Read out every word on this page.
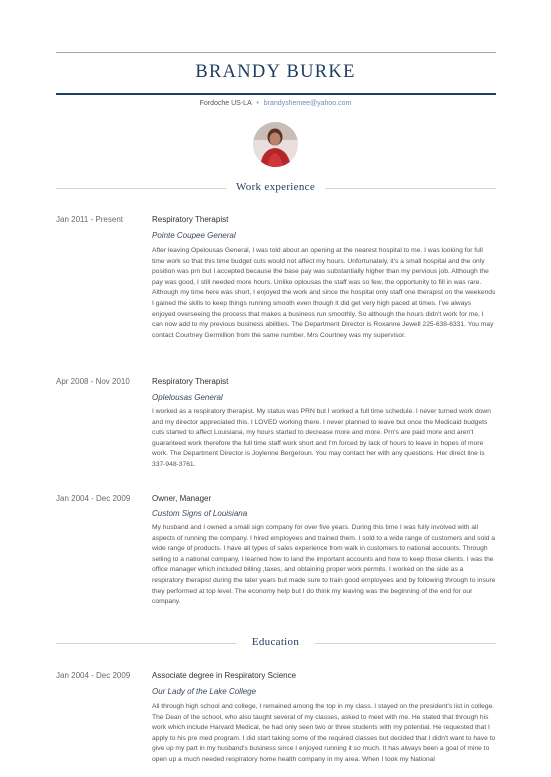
BRANDY BURKE
Fordoche US-LA • brandyshemee@yahoo.com
Work experience
Jan 2011 - Present	Respiratory Therapist
Pointe Coupee General

After leaving Opelousas General, I was told about an opening at the nearest hospital to me. I was looking for full time work so that this time budget cuts would not affect my hours. Unfortunately, it's a small hospital and the only position was prn but I accepted because the base pay was substantially higher than my pervious job. Although the pay was good, I still needed more hours. Unlike oplousas the staff was so few, the opportunity to fill in was rare. Although my time here was short, I enjoyed the work and since the hospital only staff one therapist on the weekends I gained the skills to keep things running smooth even though it did get very high paced at times. I've always enjoyed overseeing the process that makes a business run smoothly. So although the hours didn't work for me, I can now add to my previous business abilities. The Department Director is Roxanne Jewell 225-638-6331. You may contact Courtney Germillion from the same number. Mrs Courtney was my supervisor.

Apr 2008 - Nov 2010	Respiratory Therapist
Oplelousas General

I worked as a respiratory therapist. My status was PRN but I worked a full time schedule. I never turned work down and my director appreciated this. I LOVED working there. I never planned to leave but once the Medicaid budgets cuts started to affect Louisiana, my hours started to decrease more and more. Prn's are paid more and aren't guaranteed work therefore the full time staff work short and I'm forced by lack of hours to leave in hopes of more work. The Department Director is Joylenne Bergeroun. You may contact her with any questions. Her direct line is 337-948-3761.

Jan 2004 - Dec 2009	Owner, Manager
Custom Signs of Louisiana

My husband and I owned a small sign company for over five years. During this time I was fully involved with all aspects of running the company. I hired employees and trained them. I sold to a wide range of customers and sold a wide range of products. I have all types of sales experience from walk in customers to national accounts. Through selling to a national company, I learned how to land the important accounts and how to keep those clients. I was the office manager which included billing ,taxes, and obtaining proper work permits. I worked on the side as a respiratory therapist during the later years but made sure to train good employees and by following through to insure they performed at top level. The economy help but I do think my leaving was the beginning of the end for our company.

Education
Jan 2004 - Dec 2009	Associate degree in Respiratory Science
Our Lady of the Lake College

All through high school and college, I remained among the top in my class. I stayed on the president's list in college. The Dean of the school, who also taught several of my classes, asked to meet with me. He stated that through his work which include Harvard Medical, he had only seen two or three students with my potential. He requested that I apply to his pre med program. I did start taking some of the required classes but decided that I didn't want to have to give up my part in my husband's business since I enjoyed running it so much. It has always been a goal of mine to open up a much needed respiratory home health company in my area. When I took my National
